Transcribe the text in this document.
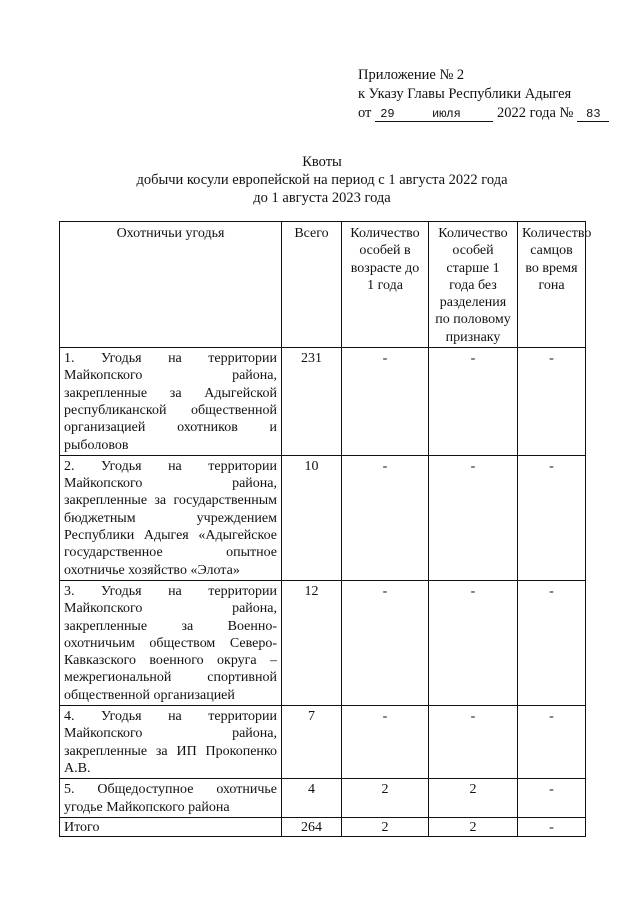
Приложение № 2
к Указу Главы Республики Адыгея
от 29	июля 2022 года № 83
Квоты
добычи косули европейской на период с 1 августа 2022 года
до 1 августа 2023 года
Охотничьи угодья	Всего	Количество особей в возрасте до 1 года	Количество особей старше 1 года без разделения по половому признаку	Количество самцов во время гона
1. Угодья на территории Майкопского района, закрепленные за Адыгейской республиканской общественной организацией охотников и рыболовов	231	-	-	-
2. Угодья на территории Майкопского района, закрепленные за государственным бюджетным учреждением Республики Адыгея «Адыгейское государственное опытное охотничье хозяйство «Элота»	10	-	-	-
3. Угодья на территории Майкопского района, закрепленные за Военно-охотничьим обществом Северо-Кавказского военного округа – межрегиональной спортивной общественной организацией	12	-	-	-
4. Угодья на территории Майкопского района, закрепленные за ИП Прокопенко А.В.	7	-	-	-
5. Общедоступное охотничье угодье Майкопского района	4	2	2	-
Итого	264	2	2	-
